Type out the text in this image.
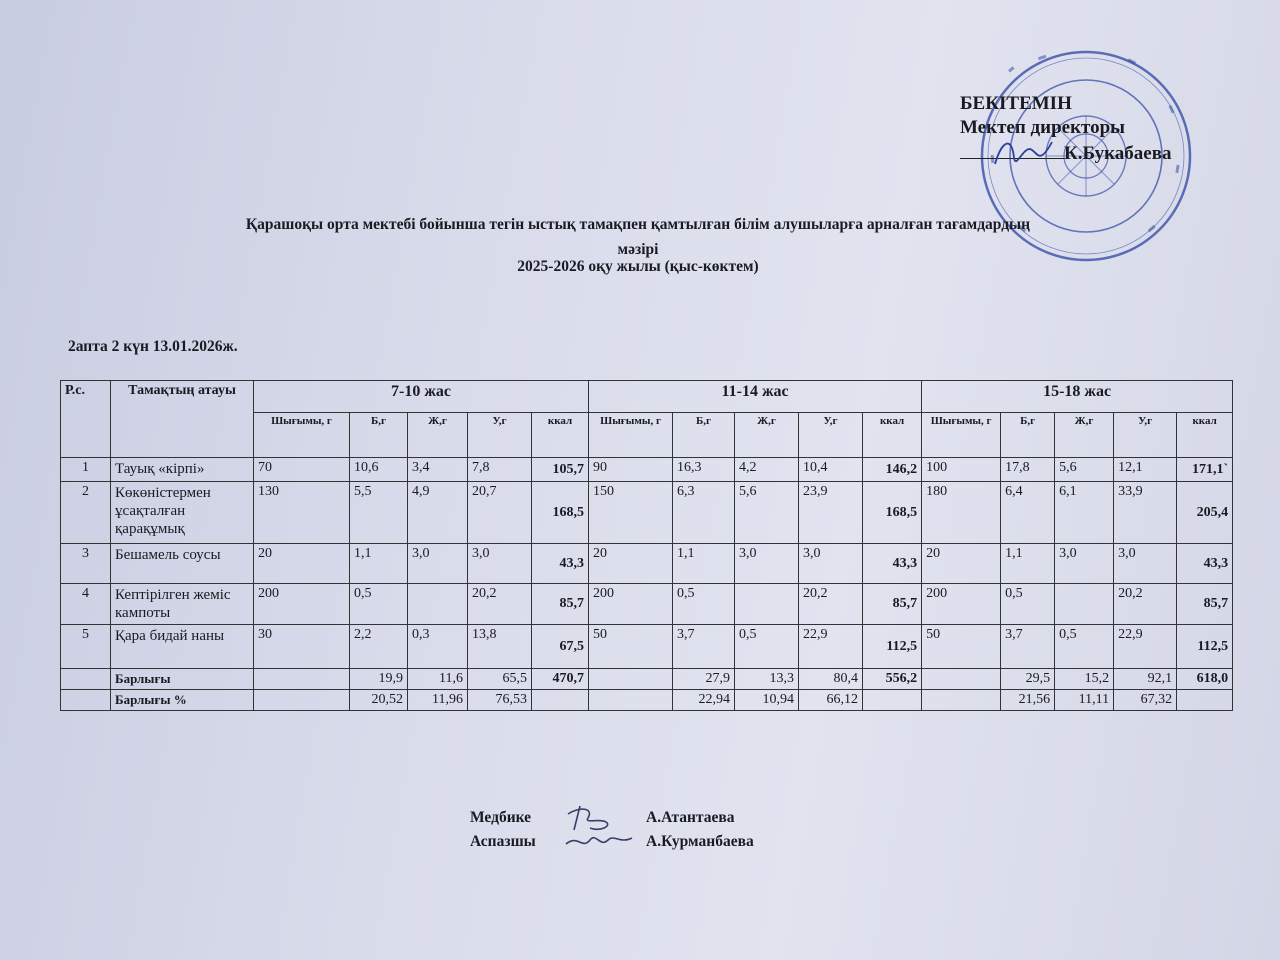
БЕКІТЕМІН
Мектеп директоры
К.Букабаева
Қарашоқы орта мектебі бойынша тегін ыстық тамақпен қамтылған білім алушыларға арналған тағамдардың
мәзірі
2025-2026 оқу жылы (қыс-көктем)
2апта 2 күн 13.01.2026ж.
Р.с.	Тамақтың атауы	7-10 жас					11-14 жас					15-18 жас				
		Шығымы, г	Б,г	Ж,г	У,г	ккал	Шығымы, г	Б,г	Ж,г	У,г	ккал	Шығымы, г	Б,г	Ж,г	У,г	ккал
1	Тауық «кірпі»	70	10,6	3,4	7,8	105,7	90	16,3	4,2	10,4	146,2	100	17,8	5,6	12,1	171,1`
2	Көкөністермен ұсақталған қарақұмық	130	5,5	4,9	20,7	168,5	150	6,3	5,6	23,9	168,5	180	6,4	6,1	33,9	205,4
3	Бешамель соусы	20	1,1	3,0	3,0	43,3	20	1,1	3,0	3,0	43,3	20	1,1	3,0	3,0	43,3
4	Кептірілген жеміс кампоты	200	0,5		20,2	85,7	200	0,5		20,2	85,7	200	0,5		20,2	85,7
5	Қара бидай наны	30	2,2	0,3	13,8	67,5	50	3,7	0,5	22,9	112,5	50	3,7	0,5	22,9	112,5
	Барлығы		19,9	11,6	65,5	470,7		27,9	13,3	80,4	556,2		29,5	15,2	92,1	618,0
	Барлығы %		20,52	11,96	76,53			22,94	10,94	66,12			21,56	11,11	67,32	
Медбике	А.Атантаева
Аспазшы	А.Курманбаева
